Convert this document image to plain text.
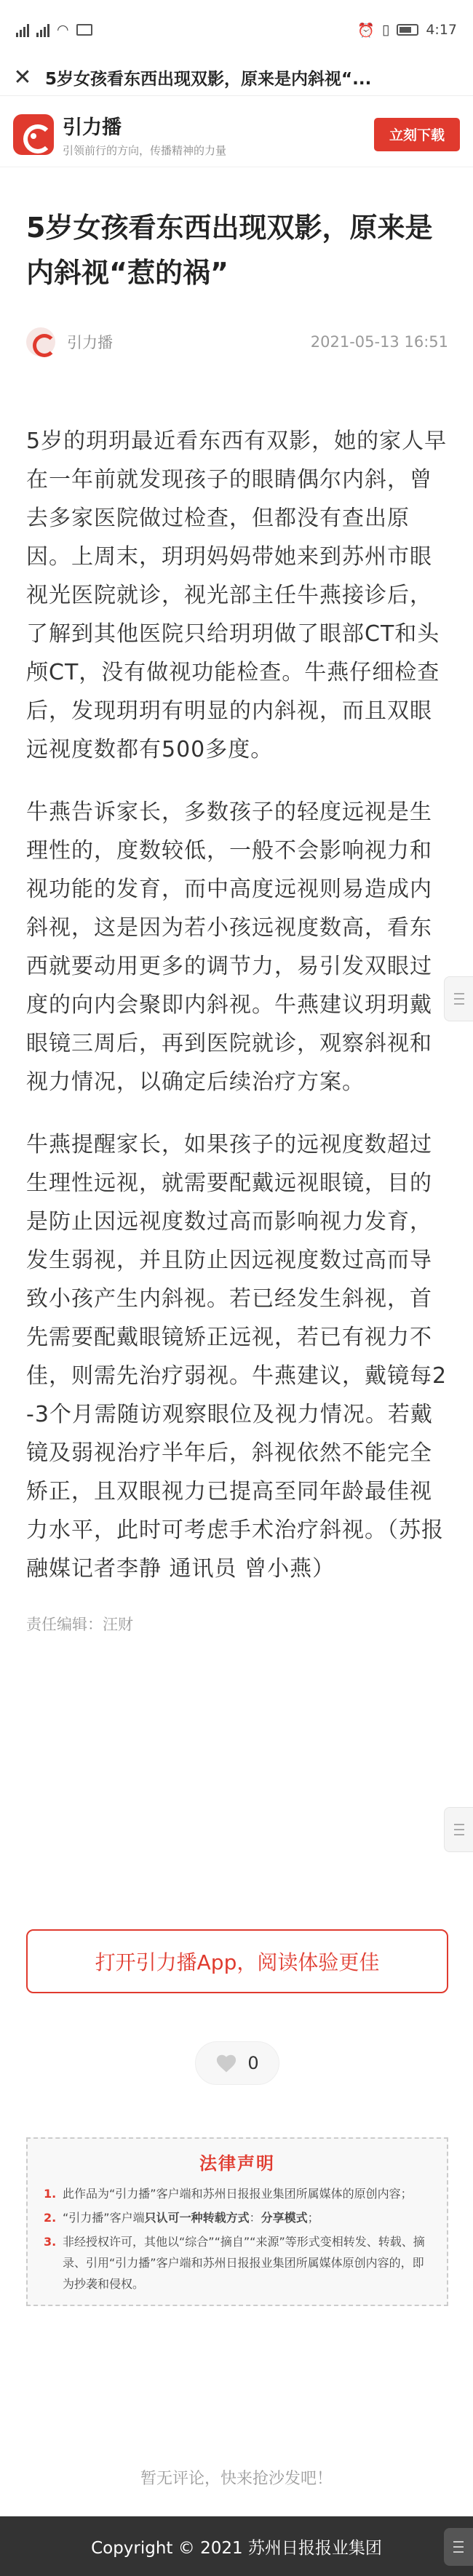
◠	⏰ ▯	4:17
✕ 5岁女孩看东西出现双影，原来是内斜视“...
引力播
引领前行的方向，传播精神的力量
立刻下载
5岁女孩看东西出现双影，原来是内斜视“惹的祸”
引力播	2021-05-13 16:51

5岁的玥玥最近看东西有双影，她的家人早在一年前就发现孩子的眼睛偶尔内斜，曾去多家医院做过检查，但都没有查出原因。上周末，玥玥妈妈带她来到苏州市眼视光医院就诊，视光部主任牛燕接诊后，了解到其他医院只给玥玥做了眼部CT和头颅CT，没有做视功能检查。牛燕仔细检查后，发现玥玥有明显的内斜视，而且双眼远视度数都有500多度。

牛燕告诉家长，多数孩子的轻度远视是生理性的，度数较低，一般不会影响视力和视功能的发育，而中高度远视则易造成内斜视，这是因为若小孩远视度数高，看东西就要动用更多的调节力，易引发双眼过度的向内会聚即内斜视。牛燕建议玥玥戴眼镜三周后，再到医院就诊，观察斜视和视力情况，以确定后续治疗方案。

牛燕提醒家长，如果孩子的远视度数超过生理性远视，就需要配戴远视眼镜，目的是防止因远视度数过高而影响视力发育，发生弱视，并且防止因远视度数过高而导致小孩产生内斜视。若已经发生斜视，首先需要配戴眼镜矫正远视，若已有视力不佳，则需先治疗弱视。牛燕建议，戴镜每2-3个月需随访观察眼位及视力情况。若戴镜及弱视治疗半年后，斜视依然不能完全矫正，且双眼视力已提高至同年龄最佳视力水平，此时可考虑手术治疗斜视。（苏报融媒记者李静 通讯员 曾小燕）

责任编辑：汪财
打开引力播App，阅读体验更佳
0
法律声明
1. 此作品为“引力播”客户端和苏州日报报业集团所属媒体的原创内容；
2. “引力播”客户端只认可一种转载方式：分享模式；
3. 非经授权许可，其他以“综合”“摘自”“来源”等形式变相转发、转载、摘录、引用“引力播”客户端和苏州日报报业集团所属媒体原创内容的，即为抄袭和侵权。
暂无评论，快来抢沙发吧！
Copyright © 2021 苏州日报报业集团
